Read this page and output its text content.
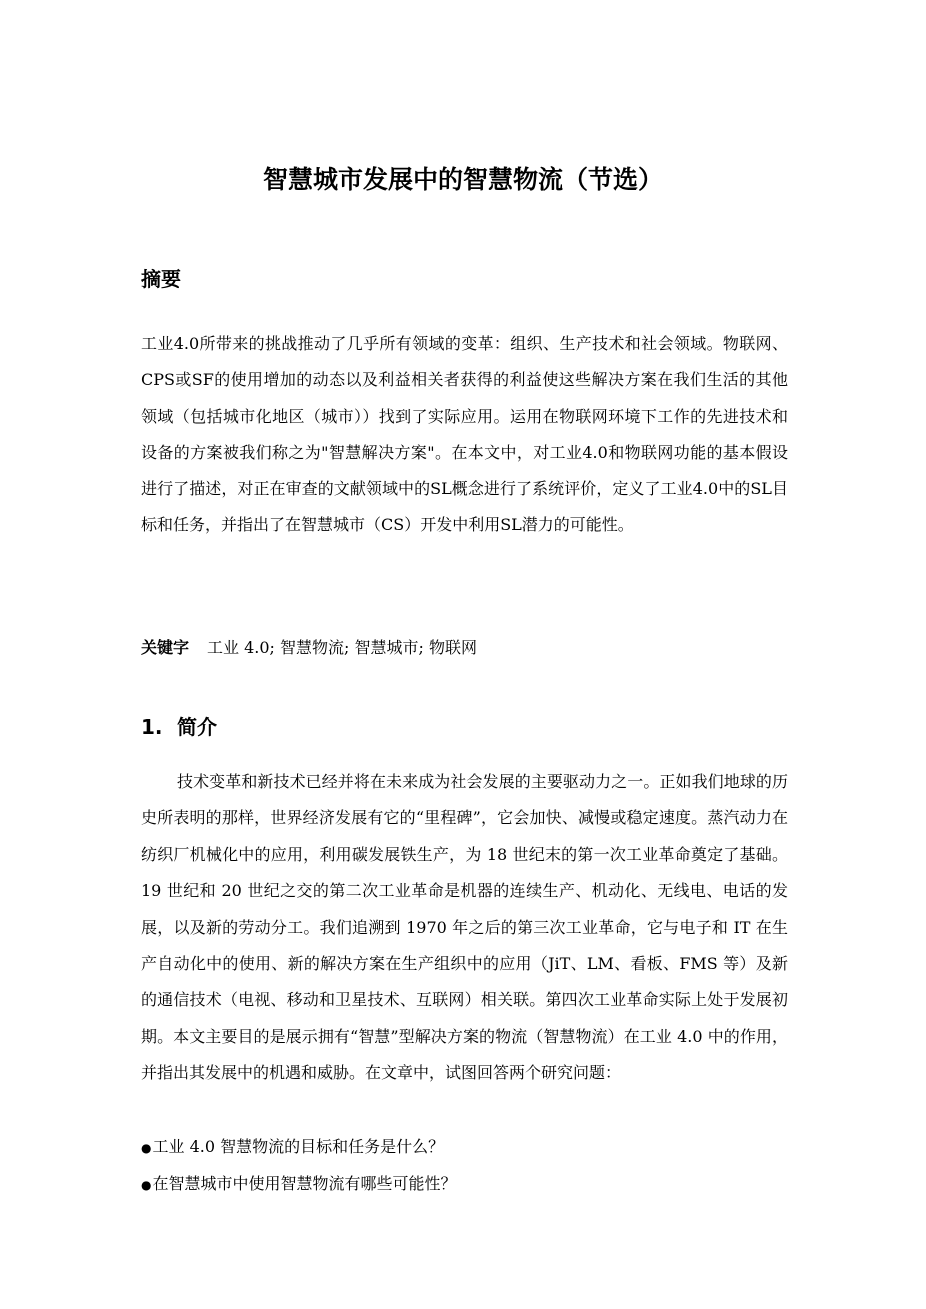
智慧城市发展中的智慧物流（节选）
摘要

工业4.0所带来的挑战推动了几乎所有领域的变革：组织、生产技术和社会领域。物联网、CPS或SF的使用增加的动态以及利益相关者获得的利益使这些解决方案在我们生活的其他领域（包括城市化地区（城市））找到了实际应用。运用在物联网环境下工作的先进技术和设备的方案被我们称之为"智慧解决方案"。在本文中，对工业4.0和物联网功能的基本假设进行了描述，对正在审查的文献领域中的SL概念进行了系统评价，定义了工业4.0中的SL目标和任务，并指出了在智慧城市（CS）开发中利用SL潜力的可能性。

关键字 工业 4.0; 智慧物流; 智慧城市; 物联网

1. 简介

技术变革和新技术已经并将在未来成为社会发展的主要驱动力之一。正如我们地球的历史所表明的那样，世界经济发展有它的“里程碑”，它会加快、减慢或稳定速度。蒸汽动力在纺织厂机械化中的应用，利用碳发展铁生产，为 18 世纪末的第一次工业革命奠定了基础。19 世纪和 20 世纪之交的第二次工业革命是机器的连续生产、机动化、无线电、电话的发展，以及新的劳动分工。我们追溯到 1970 年之后的第三次工业革命，它与电子和 IT 在生产自动化中的使用、新的解决方案在生产组织中的应用（JiT、LM、看板、FMS 等）及新的通信技术（电视、移动和卫星技术、互联网）相关联。第四次工业革命实际上处于发展初期。本文主要目的是展示拥有“智慧”型解决方案的物流（智慧物流）在工业 4.0 中的作用，并指出其发展中的机遇和威胁。在文章中，试图回答两个研究问题：

●工业 4.0 智慧物流的目标和任务是什么？
●在智慧城市中使用智慧物流有哪些可能性？
